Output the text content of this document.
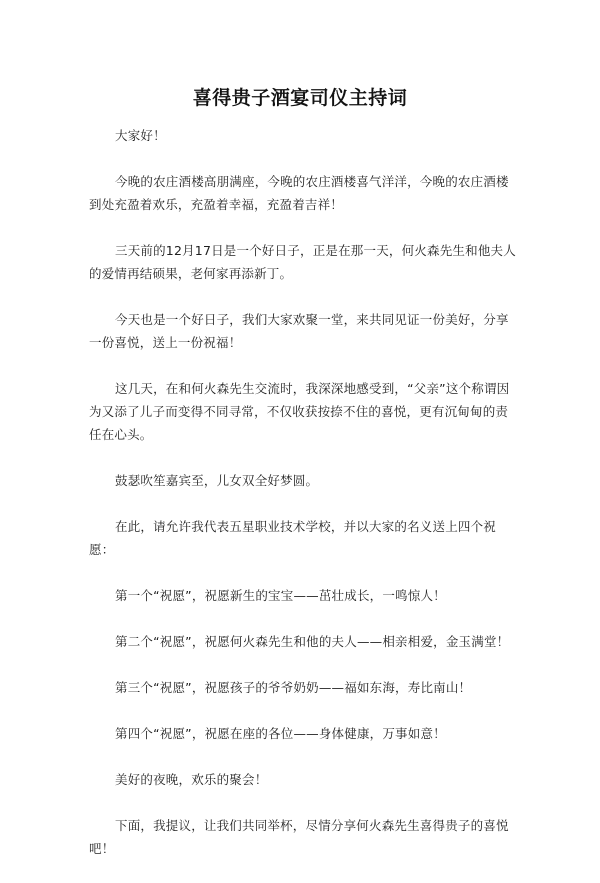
喜得贵子酒宴司仪主持词

大家好！

今晚的农庄酒楼高朋满座，今晚的农庄酒楼喜气洋洋，今晚的农庄酒楼到处充盈着欢乐，充盈着幸福，充盈着吉祥！

三天前的12月17日是一个好日子，正是在那一天，何火森先生和他夫人的爱情再结硕果，老何家再添新丁。

今天也是一个好日子，我们大家欢聚一堂，来共同见证一份美好，分享一份喜悦，送上一份祝福！

这几天，在和何火森先生交流时，我深深地感受到，“父亲”这个称谓因为又添了儿子而变得不同寻常，不仅收获按捺不住的喜悦，更有沉甸甸的责任在心头。

鼓瑟吹笙嘉宾至，儿女双全好梦圆。

在此，请允许我代表五星职业技术学校，并以大家的名义送上四个祝愿：

第一个“祝愿”，祝愿新生的宝宝——茁壮成长，一鸣惊人！

第二个“祝愿”，祝愿何火森先生和他的夫人——相亲相爱，金玉满堂！

第三个“祝愿”，祝愿孩子的爷爷奶奶——福如东海，寿比南山！

第四个“祝愿”，祝愿在座的各位——身体健康，万事如意！

美好的夜晚，欢乐的聚会！

下面，我提议，让我们共同举杯，尽情分享何火森先生喜得贵子的喜悦吧！
